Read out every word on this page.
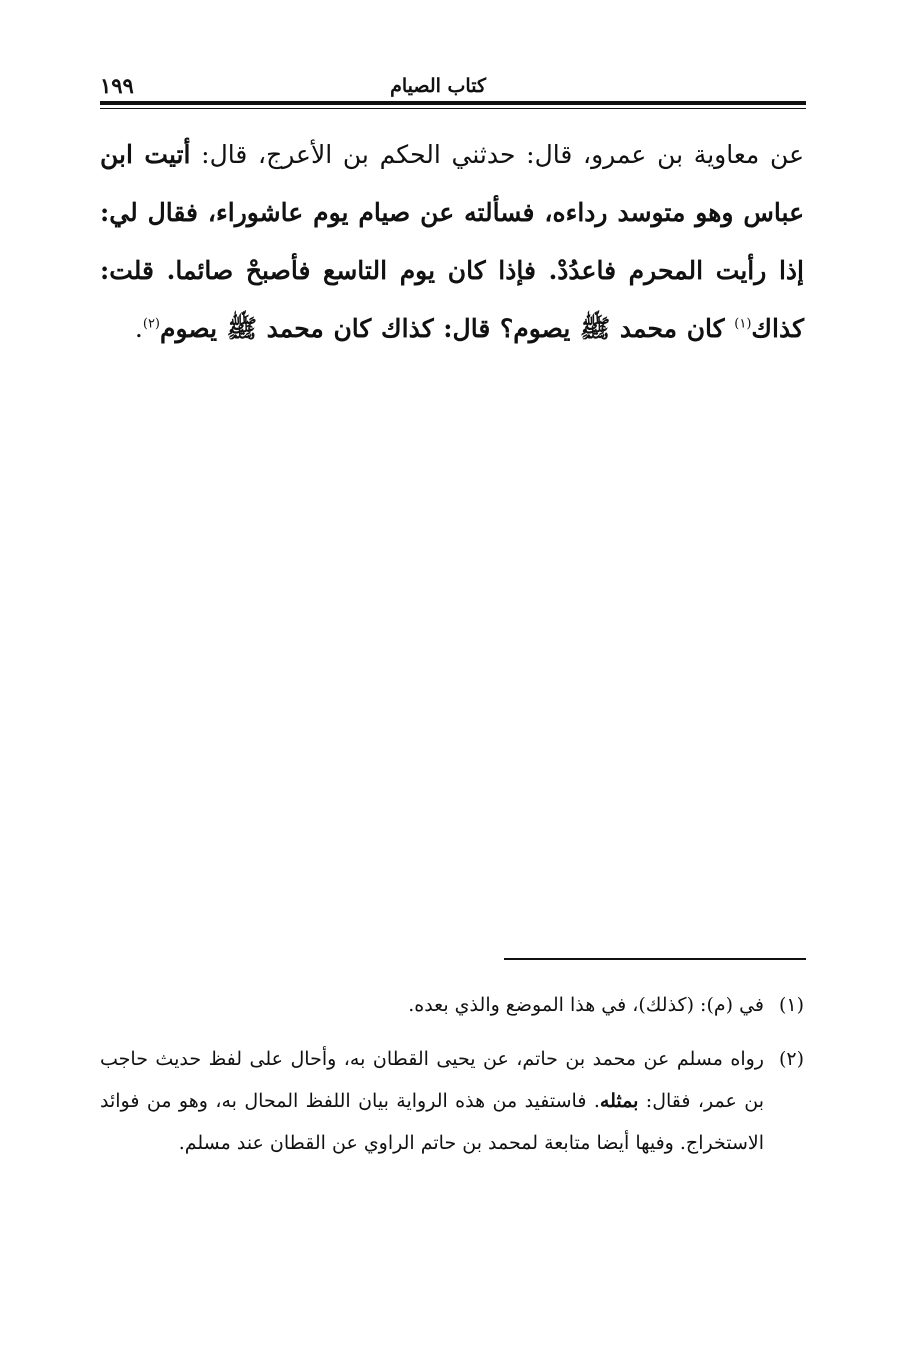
كتاب الصيام
١٩٩
عن معاوية بن عمرو، قال: حدثني الحكم بن الأعرج، قال: أتيت ابن عباس وهو متوسد رداءه، فسألته عن صيام يوم عاشوراء، فقال لي: إذا رأيت المحرم فاعدُدْ. فإذا كان يوم التاسع فأصبحْ صائما. قلت: كذاك$^{(١)}$ كان محمد ﷺ يصوم؟ قال: كذاك كان محمد ﷺ يصوم$^{(٢)}$.
(١)
في (م): (كذلك)، في هذا الموضع والذي بعده.
(٢)
رواه مسلم عن محمد بن حاتم، عن يحيى القطان به، وأحال على لفظ حديث حاجب بن عمر، فقال: بمثله. فاستفيد من هذه الرواية بيان اللفظ المحال به، وهو من فوائد الاستخراج. وفيها أيضا متابعة لمحمد بن حاتم الراوي عن القطان عند مسلم.
